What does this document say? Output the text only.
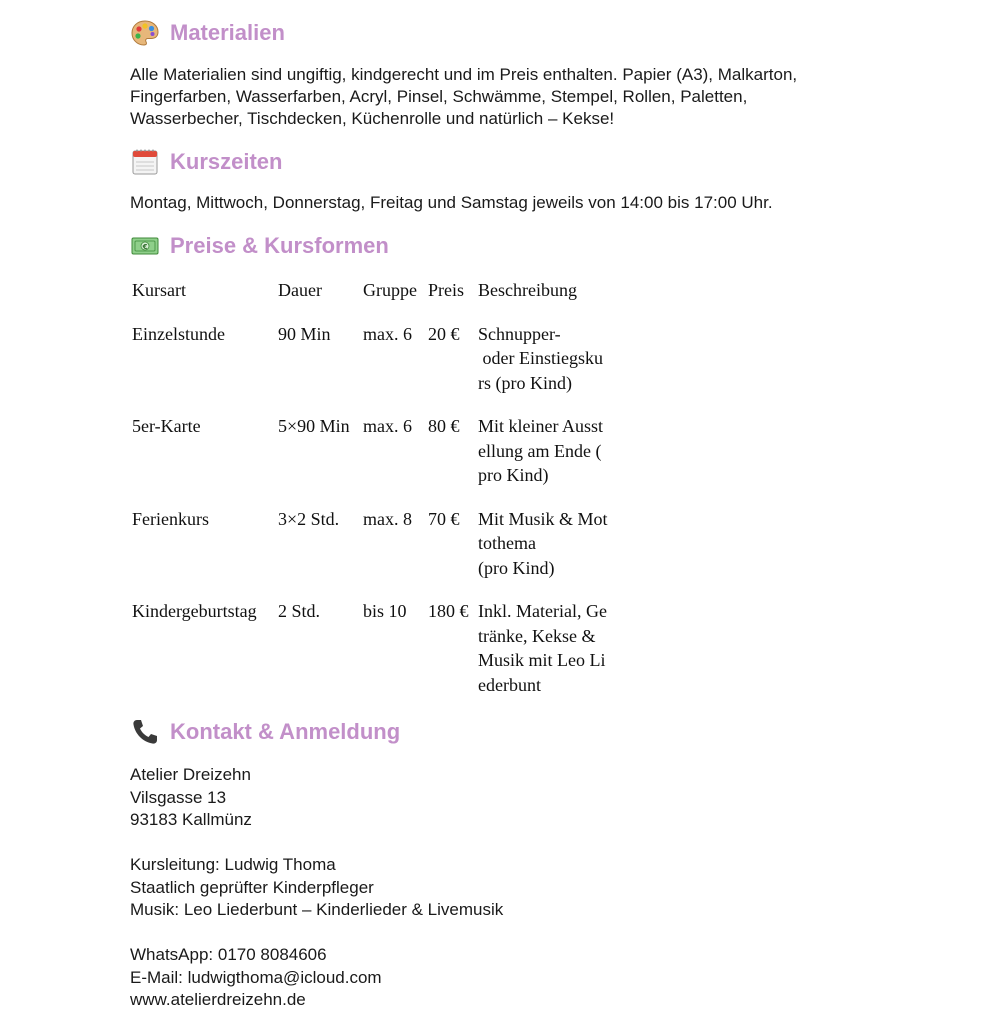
Materialien

Alle Materialien sind ungiftig, kindgerecht und im Preis enthalten. Papier (A3), Malkarton,
Fingerfarben, Wasserfarben, Acryl, Pinsel, Schwämme, Stempel, Rollen, Paletten,
Wasserbecher, Tischdecken, Küchenrolle und natürlich – Kekse!

Kurszeiten

Montag, Mittwoch, Donnerstag, Freitag und Samstag jeweils von 14:00 bis 17:00 Uhr.

€ Preise & Kursformen
Kursart	Dauer	Gruppe	Preis	Beschreibung
Einzelstunde	90 Min	max. 6	20 €	Schnupper-
oder Einstiegsku
rs (pro Kind)

5er-Karte	5×90 Min	max. 6	80 €	Mit kleiner Ausst
ellung am Ende (
pro Kind)

Ferienkurs	3×2 Std.	max. 8	70 €	Mit Musik & Mot
tothema
(pro Kind)

Kindergeburtstag	2 Std.	bis 10	180 €	Inkl. Material, Ge
tränke, Kekse &
Musik mit Leo Li
ederbunt
Kontakt & Anmeldung
Atelier Dreizehn
Vilsgasse 13
93183 Kallmünz
Kursleitung: Ludwig Thoma
Staatlich geprüfter Kinderpfleger
Musik: Leo Liederbunt – Kinderlieder & Livemusik
WhatsApp: 0170 8084606
E-Mail: ludwigthoma@icloud.com
www.atelierdreizehn.de
